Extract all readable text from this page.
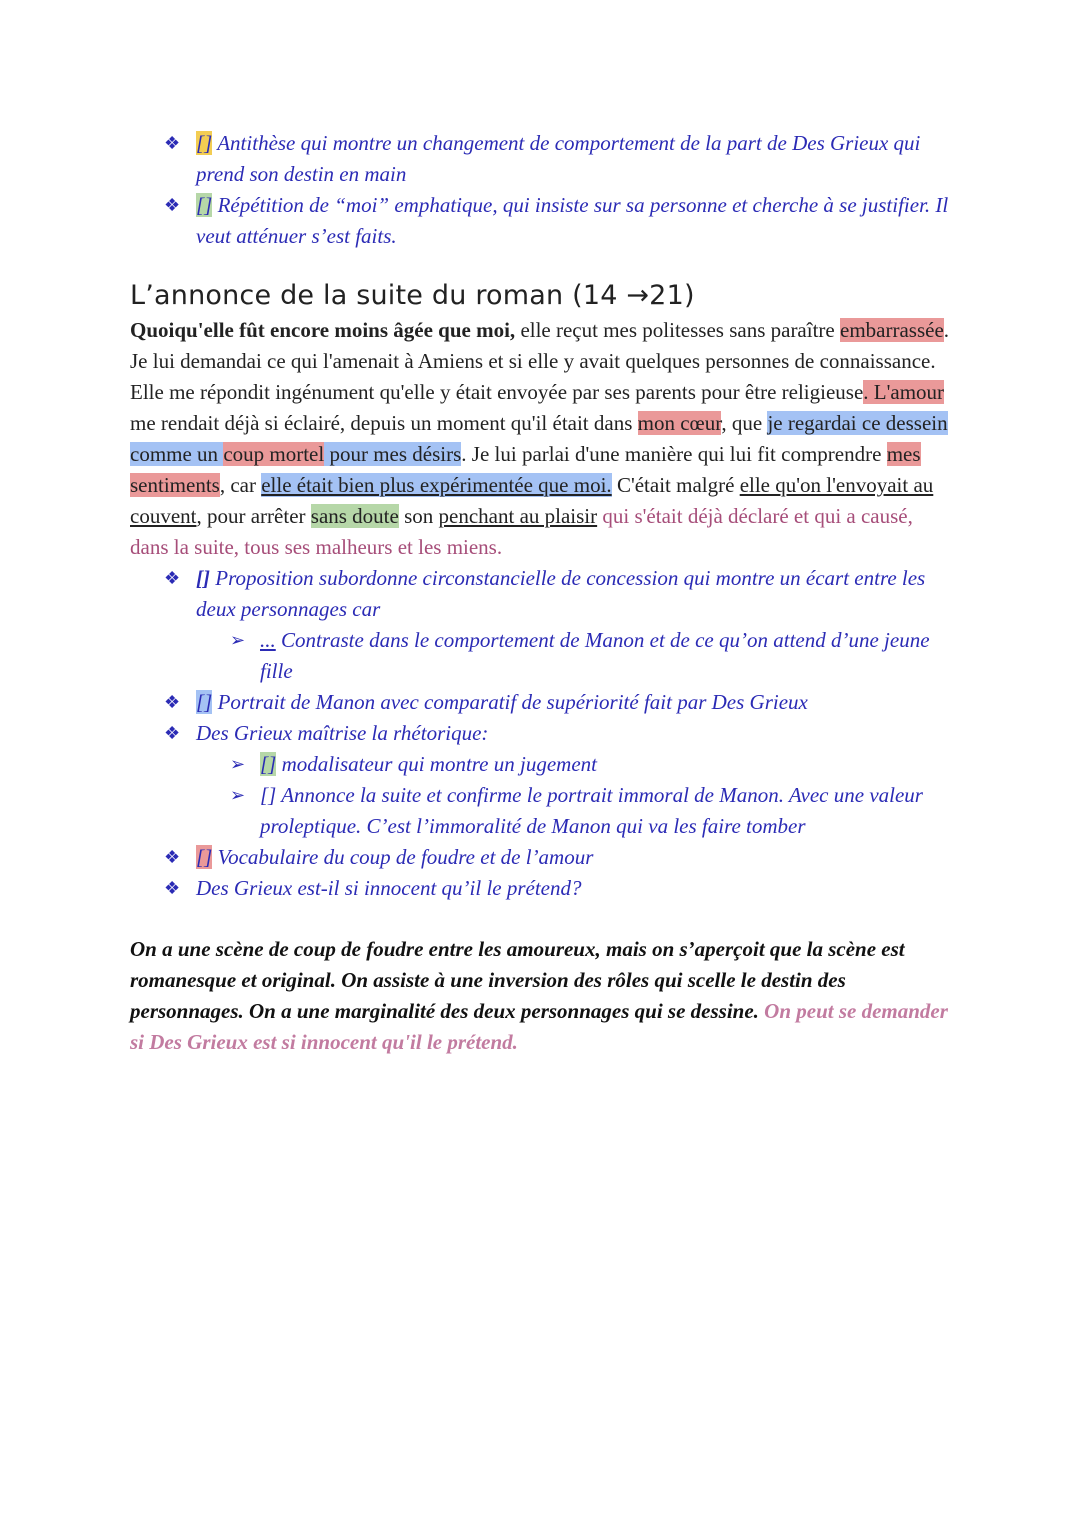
❖ [] Antithèse qui montre un changement de comportement de la part de Des Grieux qui prend son destin en main
❖ [] Répétition de “moi” emphatique, qui insiste sur sa personne et cherche à se justifier. Il veut atténuer s’est faits.
L’annonce de la suite du roman (14 →21)
Quoiqu'elle fût encore moins âgée que moi, elle reçut mes politesses sans paraître embarrassée. Je lui demandai ce qui l'amenait à Amiens et si elle y avait quelques personnes de connaissance. Elle me répondit ingénument qu'elle y était envoyée par ses parents pour être religieuse. L'amour me rendait déjà si éclairé, depuis un moment qu'il était dans mon cœur, que je regardai ce dessein comme un coup mortel pour mes désirs. Je lui parlai d'une manière qui lui fit comprendre mes sentiments, car elle était bien plus expérimentée que moi. C'était malgré elle qu'on l'envoyait au couvent, pour arrêter sans doute son penchant au plaisir qui s'était déjà déclaré et qui a causé, dans la suite, tous ses malheurs et les miens.
❖ [] Proposition subordonne circonstancielle de concession qui montre un écart entre les deux personnages car
➢ ... Contraste dans le comportement de Manon et de ce qu’on attend d’une jeune fille
❖ [] Portrait de Manon avec comparatif de supériorité fait par Des Grieux
❖ Des Grieux maîtrise la rhétorique:
➢ [] modalisateur qui montre un jugement
➢ [] Annonce la suite et confirme le portrait immoral de Manon. Avec une valeur proleptique. C’est l’immoralité de Manon qui va les faire tomber
❖ [] Vocabulaire du coup de foudre et de l’amour
❖ Des Grieux est-il si innocent qu’il le prétend?
On a une scène de coup de foudre entre les amoureux, mais on s’aperçoit que la scène est romanesque et original. On assiste à une inversion des rôles qui scelle le destin des personnages. On a une marginalité des deux personnages qui se dessine. On peut se demander si Des Grieux est si innocent qu'il le prétend.
